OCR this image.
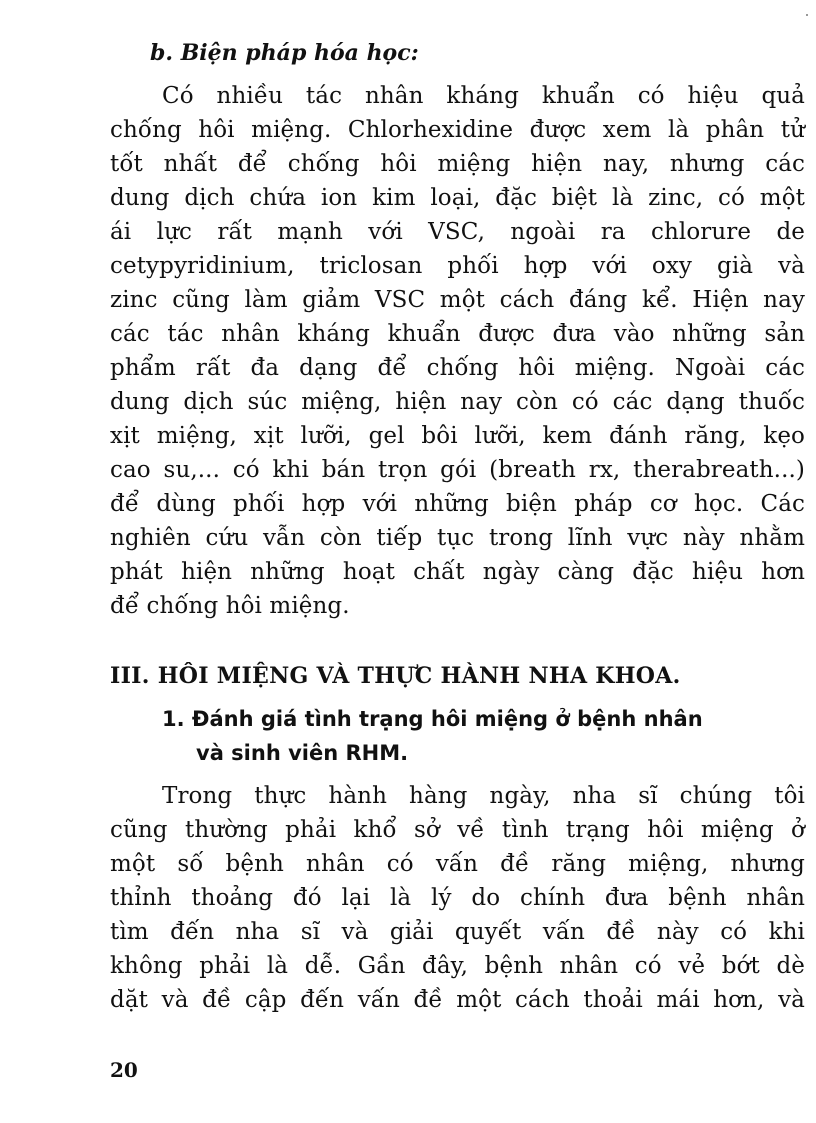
b. Biện pháp hóa học:
Có nhiều tác nhân kháng khuẩn có hiệu quả
chống hôi miệng. Chlorhexidine được xem là phân tử
tốt nhất để chống hôi miệng hiện nay, nhưng các
dung dịch chứa ion kim loại, đặc biệt là zinc, có một
ái lực rất mạnh với VSC, ngoài ra chlorure de
cetypyridinium, triclosan phối hợp với oxy già và
zinc cũng làm giảm VSC một cách đáng kể. Hiện nay
các tác nhân kháng khuẩn được đưa vào những sản
phẩm rất đa dạng để chống hôi miệng. Ngoài các
dung dịch súc miệng, hiện nay còn có các dạng thuốc
xịt miệng, xịt lưỡi, gel bôi lưỡi, kem đánh răng, kẹo
cao su,... có khi bán trọn gói (breath rx, therabreath...)
để dùng phối hợp với những biện pháp cơ học. Các
nghiên cứu vẫn còn tiếp tục trong lĩnh vực này nhằm
phát hiện những hoạt chất ngày càng đặc hiệu hơn
để chống hôi miệng.
III. HÔI MIỆNG VÀ THỰC HÀNH NHA KHOA.
1. Đánh giá tình trạng hôi miệng ở bệnh nhân
và sinh viên RHM.
Trong thực hành hàng ngày, nha sĩ chúng tôi
cũng thường phải khổ sở về tình trạng hôi miệng ở
một số bệnh nhân có vấn đề răng miệng, nhưng
thỉnh thoảng đó lại là lý do chính đưa bệnh nhân
tìm đến nha sĩ và giải quyết vấn đề này có khi
không phải là dễ. Gần đây, bệnh nhân có vẻ bớt dè
dặt và đề cập đến vấn đề một cách thoải mái hơn, và
20
